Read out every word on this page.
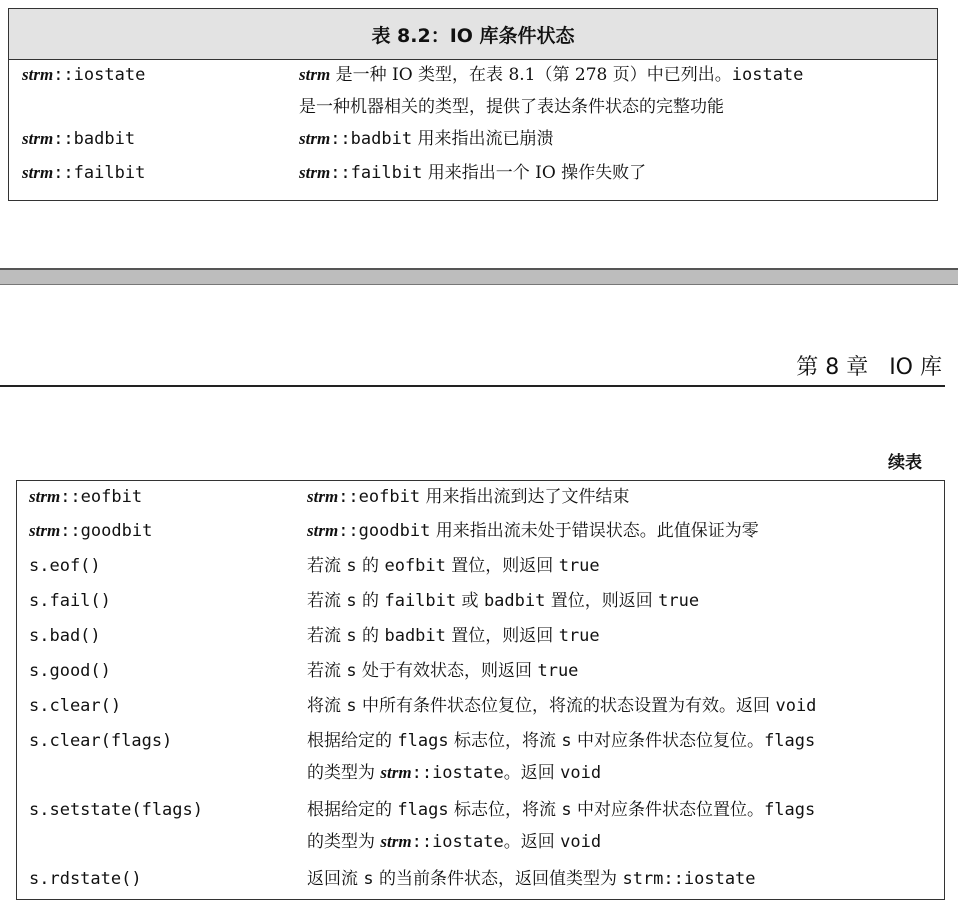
表 8.2：IO 库条件状态
strm::iostate	strm 是一种 IO 类型，在表 8.1（第 278 页）中已列出。iostate
是一种机器相关的类型，提供了表达条件状态的完整功能
strm::badbit	strm::badbit 用来指出流已崩溃
strm::failbit	strm::failbit 用来指出一个 IO 操作失败了
第 8 章   IO 库
续表
strm::eofbit	strm::eofbit 用来指出流到达了文件结束
strm::goodbit	strm::goodbit 用来指出流未处于错误状态。此值保证为零
s.eof()	若流 s 的 eofbit 置位，则返回 true
s.fail()	若流 s 的 failbit 或 badbit 置位，则返回 true
s.bad()	若流 s 的 badbit 置位，则返回 true
s.good()	若流 s 处于有效状态，则返回 true
s.clear()	将流 s 中所有条件状态位复位，将流的状态设置为有效。返回 void
s.clear(flags)	根据给定的 flags 标志位，将流 s 中对应条件状态位复位。flags
的类型为 strm::iostate。返回 void
s.setstate(flags)	根据给定的 flags 标志位，将流 s 中对应条件状态位置位。flags
的类型为 strm::iostate。返回 void
s.rdstate()	返回流 s 的当前条件状态，返回值类型为 strm::iostate
